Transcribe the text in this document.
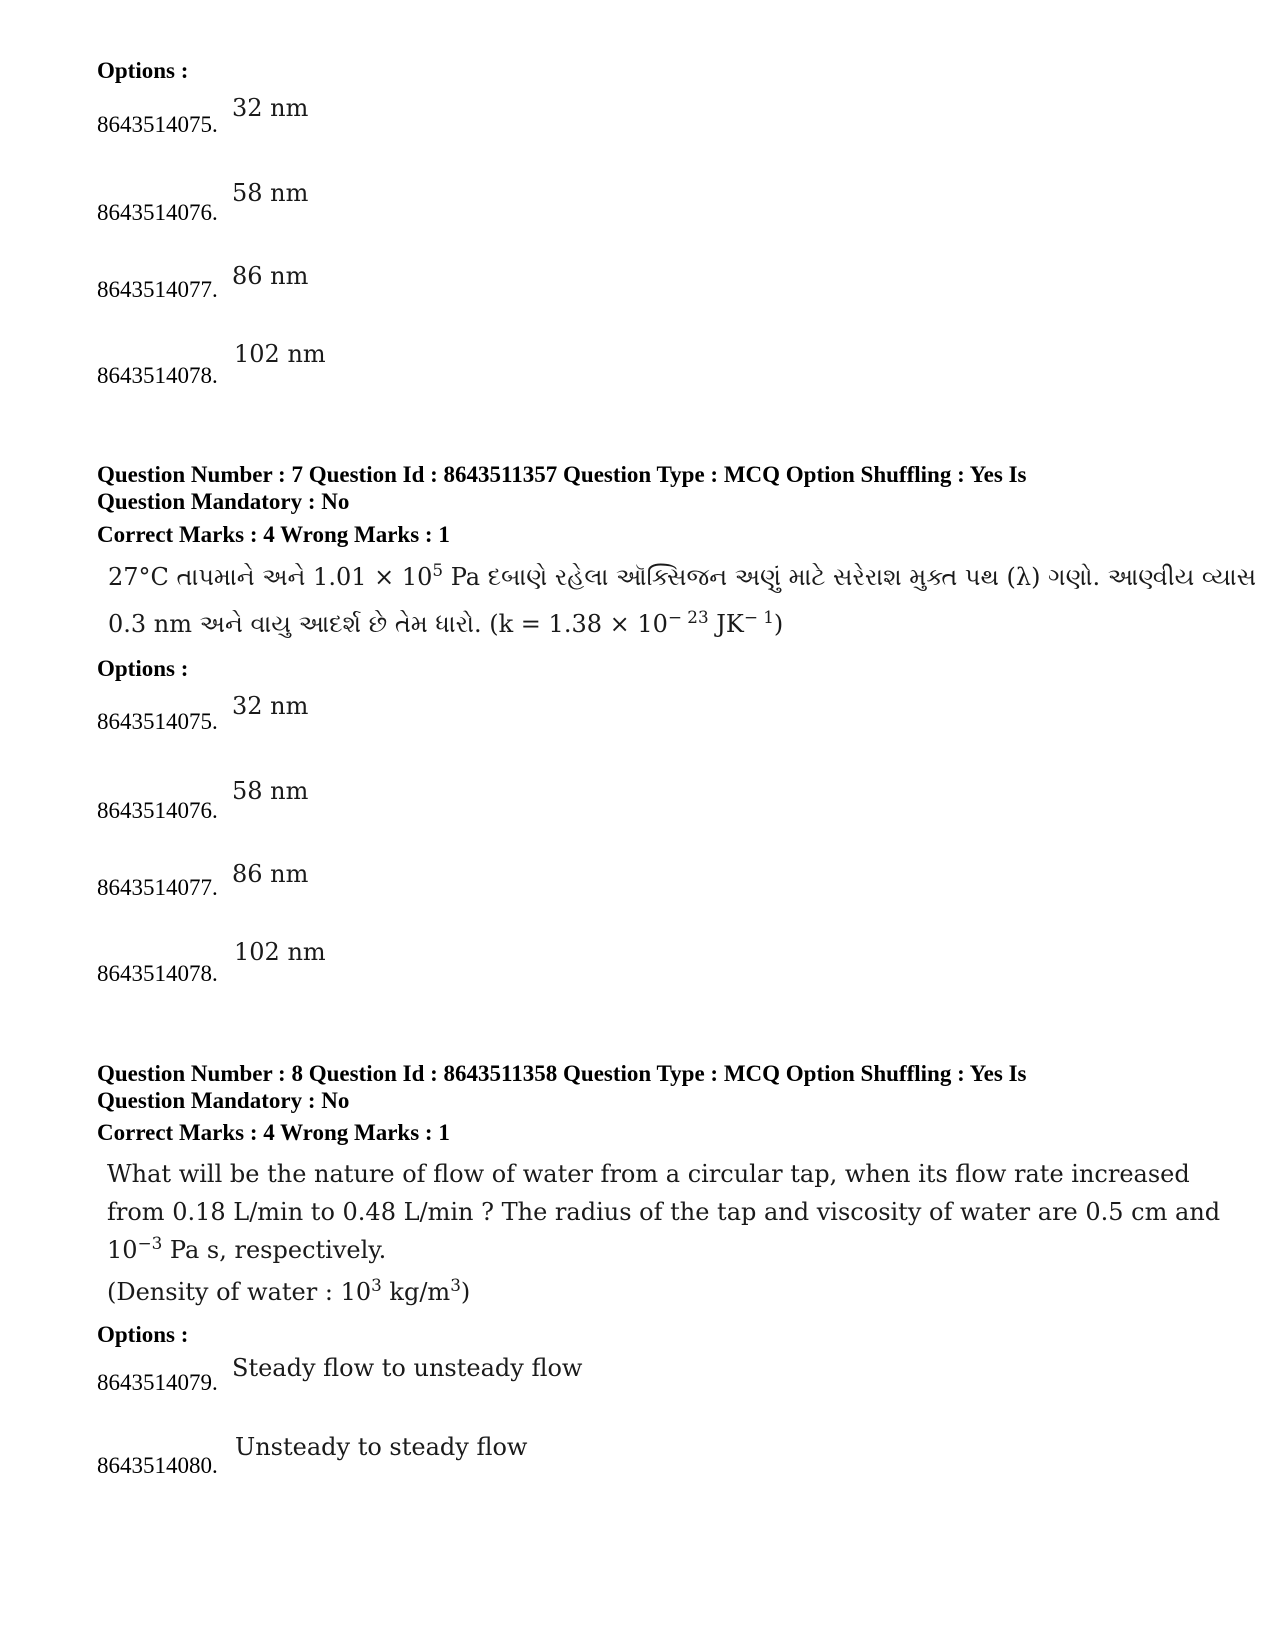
Options :
8643514075.
32 nm
8643514076.
58 nm
8643514077. 86 nm
8643514078.
102 nm
Question Number : 7 Question Id : 8643511357 Question Type : MCQ Option Shuffling : Yes Is
Question Mandatory : No
Correct Marks : 4 Wrong Marks : 1
27°C તાપમાને અને $1.01 \times 10^5$ Pa દબાણે રહેલા ઑક્સિજન અણું માટે સરેરાશ મુક્ત પથ (λ) ગણો. આણ્વીય વ્યાસ
0.3 nm અને વાયુ આદર્શ છે તેમ ધારો. ($k = 1.38 \times 10^{- 23}$ $JK^{- 1}$)
Options :
8643514075.
32 nm
8643514076.
58 nm
8643514077. 86 nm
8643514078.
102 nm
Question Number : 8 Question Id : 8643511358 Question Type : MCQ Option Shuffling : Yes Is
Question Mandatory : No
Correct Marks : 4 Wrong Marks : 1
What will be the nature of flow of water from a circular tap, when its flow rate increased
from 0.18 L/min to 0.48 L/min ? The radius of the tap and viscosity of water are 0.5 cm and
$10^{-3}$ Pa s, respectively.
(Density of water : $10^3$ $kg/m^3$)
Options :
8643514079.
Steady flow to unsteady flow
8643514080.
Unsteady to steady flow
